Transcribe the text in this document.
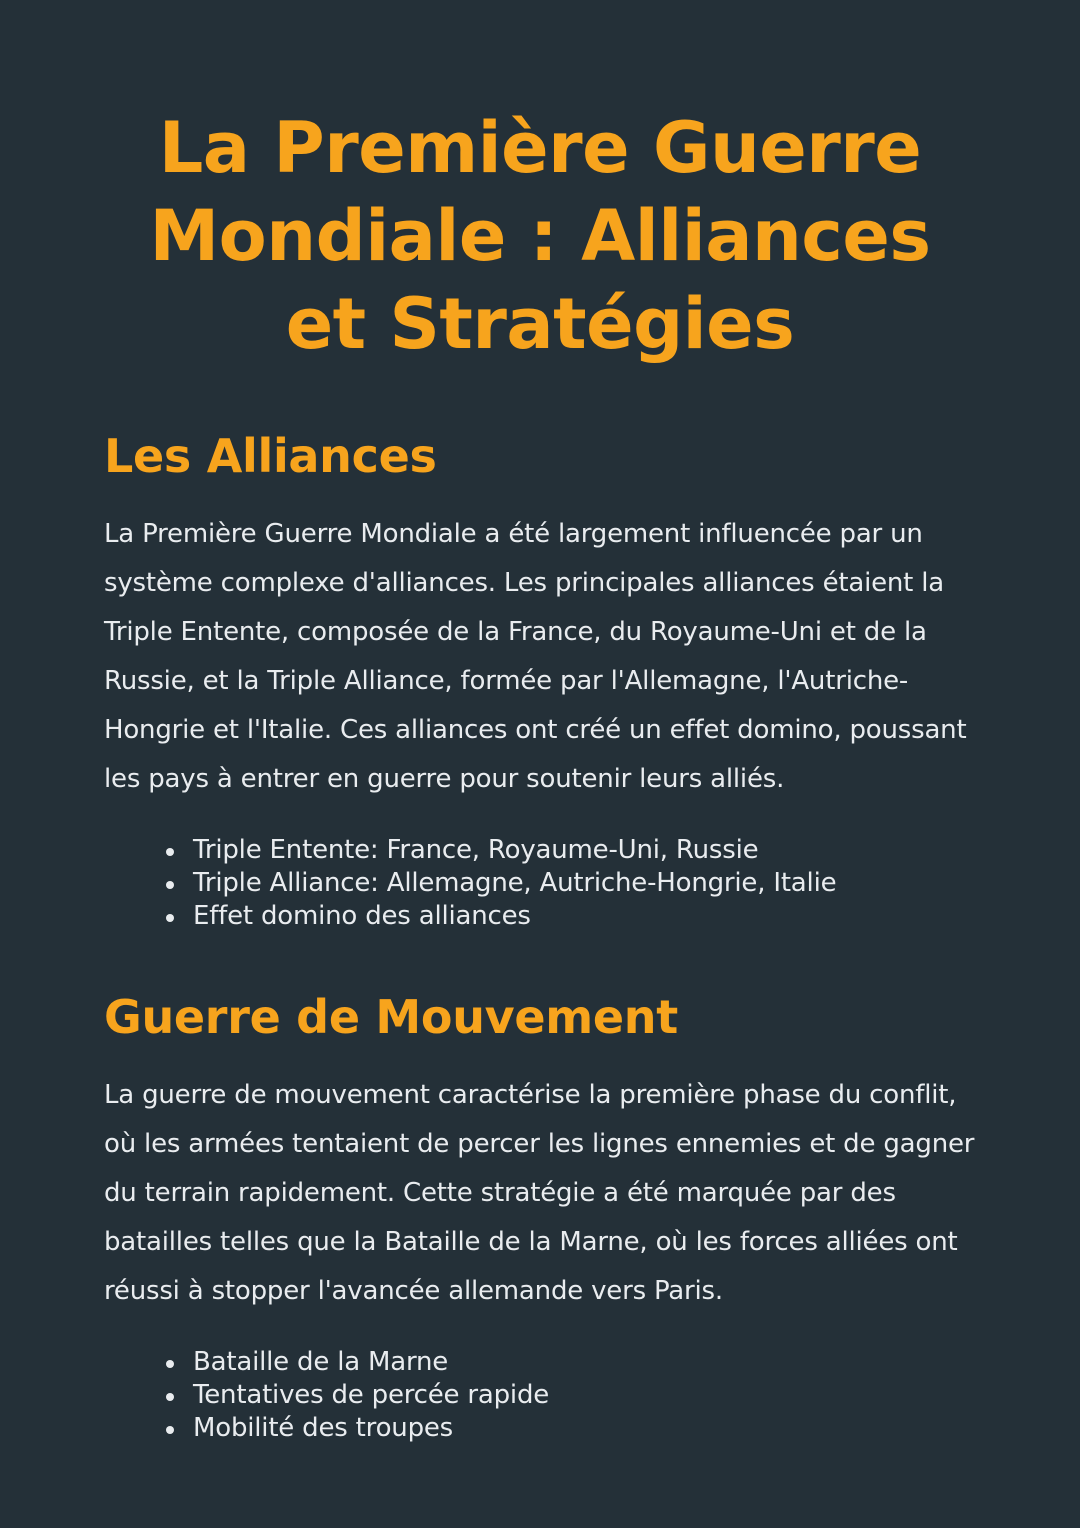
La Première Guerre Mondiale : Alliances et Stratégies
Les Alliances

La Première Guerre Mondiale a été largement influencée par un système complexe d'alliances. Les principales alliances étaient la Triple Entente, composée de la France, du Royaume-Uni et de la Russie, et la Triple Alliance, formée par l'Allemagne, l'Autriche-Hongrie et l'Italie. Ces alliances ont créé un effet domino, poussant les pays à entrer en guerre pour soutenir leurs alliés.

Triple Entente: France, Royaume-Uni, Russie
Triple Alliance: Allemagne, Autriche-Hongrie, Italie
Effet domino des alliances
Guerre de Mouvement

La guerre de mouvement caractérise la première phase du conflit, où les armées tentaient de percer les lignes ennemies et de gagner du terrain rapidement. Cette stratégie a été marquée par des batailles telles que la Bataille de la Marne, où les forces alliées ont réussi à stopper l'avancée allemande vers Paris.

Bataille de la Marne
Tentatives de percée rapide
Mobilité des troupes
